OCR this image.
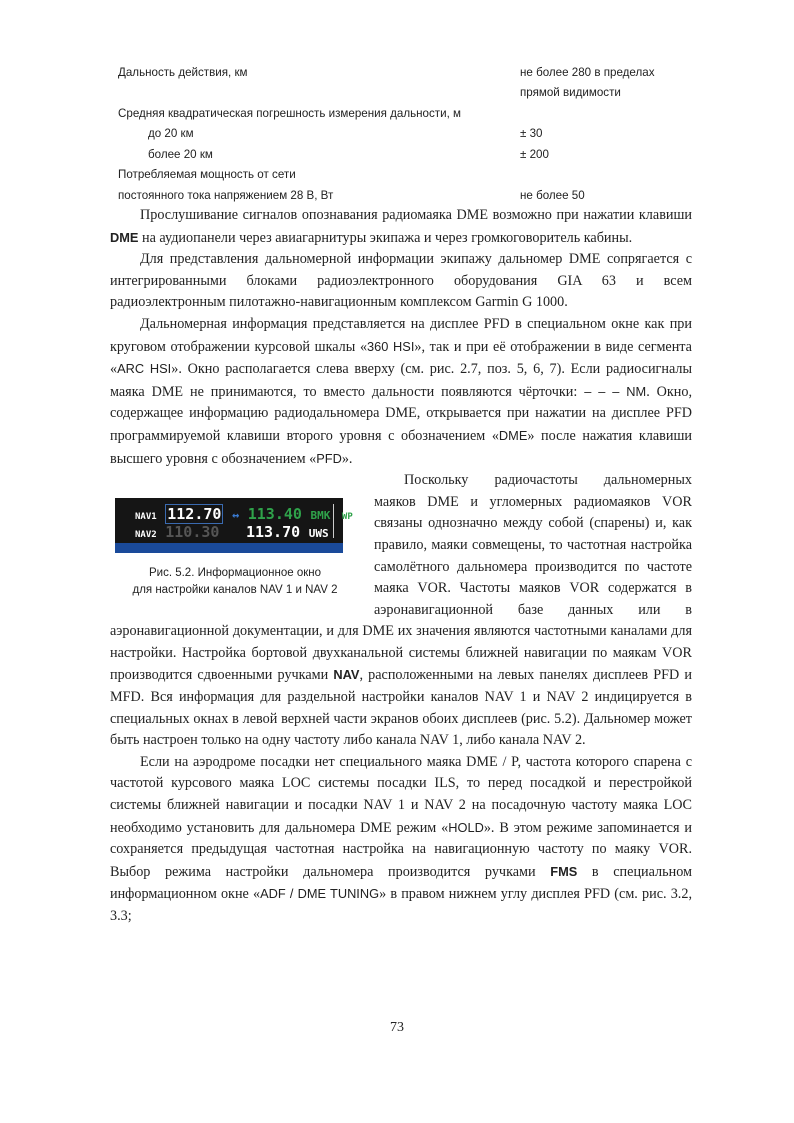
Дальность действия, км	не более 280 в пределах
прямой видимости
Средняя квадратическая погрешность измерения дальности, м
до 20 км	± 30
более 20 км	± 200
Потребляемая мощность от сети
постоянного тока напряжением 28 В, Вт	не более 50

Прослушивание сигналов опознавания радиомаяка DME возможно при нажатии клавиши DME на аудиопанели через авиагарнитуры экипажа и через громкоговоритель кабины.

Для представления дальномерной информации экипажу дальномер DME сопрягается с интегрированными блоками радиоэлектронного оборудования GIA 63 и всем радиоэлектронным пилотажно-навигационным комплексом Garmin G 1000.

Дальномерная информация представляется на дисплее PFD в специальном окне как при круговом отображении курсовой шкалы «360 HSI», так и при её отображении в виде сегмента «ARC HSI». Окно располагается слева вверху (см. рис. 2.7, поз. 5, 6, 7). Если радиосигналы маяка DME не принимаются, то вместо дальности появляются чёрточки: – – – NM. Окно, содержащее информацию радиодальномера DME, открывается при нажатии на дисплее PFD программируемой клавиши второго уровня с обозначением «DME» после нажатия клавиши высшего уровня с обозначением «PFD».

NAV1 112.70 ↔ 113.40 BMK WP
NAV2 110.30 113.70 UWS
Рис. 5.2. Информационное окно
для настройки каналов NAV 1 и NAV 2
Поскольку радиочастоты дальномерных маяков DME и угломерных радиомаяков VOR связаны однозначно между собой (спарены) и, как правило, маяки совмещены, то частотная настройка самолётного дальномера производится по частоте маяка VOR. Частоты маяков VOR содержатся в аэронавигационной базе данных или в аэронавигационной документации, и для DME их значения являются частотными каналами для настройки. Настройка бортовой двухканальной системы ближней навигации по маякам VOR производится сдвоенными ручками NAV, расположенными на левых панелях дисплеев PFD и MFD. Вся информация для раздельной настройки каналов NAV 1 и NAV 2 индицируется в специальных окнах в левой верхней части экранов обоих дисплеев (рис. 5.2). Дальномер может быть настроен только на одну частоту либо канала NAV 1, либо канала NAV 2.

Если на аэродроме посадки нет специального маяка DME / P, частота которого спарена с частотой курсового маяка LOC системы посадки ILS, то перед посадкой и перестройкой системы ближней навигации и посадки NAV 1 и NAV 2 на посадочную частоту маяка LOC необходимо установить для дальномера DME режим «HOLD». В этом режиме запоминается и сохраняется предыдущая частотная настройка на навигационную частоту по маяку VOR. Выбор режима настройки дальномера производится ручками FMS в специальном информационном окне «ADF / DME TUNING» в правом нижнем углу дисплея PFD (см. рис. 3.2, 3.3;

73
